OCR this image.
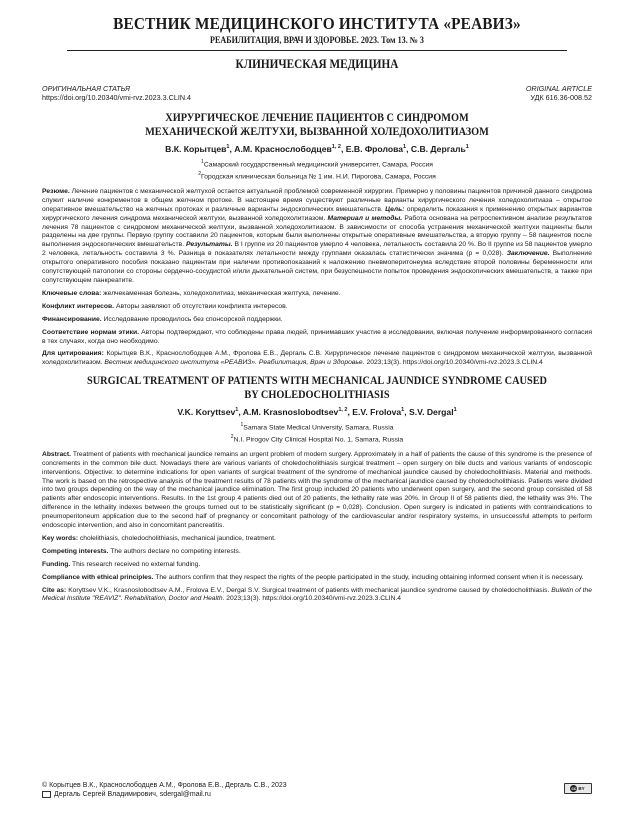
ВЕСТНИК МЕДИЦИНСКОГО ИНСТИТУТА «РЕАВИЗ»
РЕАБИЛИТАЦИЯ, ВРАЧ И ЗДОРОВЬЕ. 2023. Том 13. № 3
КЛИНИЧЕСКАЯ МЕДИЦИНА
ОРИГИНАЛЬНАЯ СТАТЬЯ
https://doi.org/10.20340/vmi-rvz.2023.3.CLIN.4
ORIGINAL ARTICLE
УДК 616.36-008.52
ХИРУРГИЧЕСКОЕ ЛЕЧЕНИЕ ПАЦИЕНТОВ С СИНДРОМОМ
МЕХАНИЧЕСКОЙ ЖЕЛТУХИ, ВЫЗВАННОЙ ХОЛЕДОХОЛИТИАЗОМ
В.К. Корытцев$^1$, А.М. Краснослободцев$^{1, 2}$, Е.В. Фролова$^1$, С.В. Дергаль$^1$
$^1$Самарский государственный медицинский университет, Самара, Россия
$^2$Городская клиническая больница № 1 им. Н.И. Пирогова, Самара, Россия
Резюме. Лечение пациентов с механической желтухой остается актуальной проблемой современной хирургии. Примерно у половины пациентов причиной данного синдрома служит наличие конкрементов в общем желчном протоке. В настоящее время существуют различные варианты хирургического лечения холедохолитиаза – открытое оперативное вмешательство на желчных протоках и различные варианты эндоскопических вмешательств. Цель: определить показания к применению открытых вариантов хирургического лечения синдрома механической желтухи, вызванной холедохолитиазом. Материал и методы. Работа основана на ретроспективном анализе результатов лечения 78 пациентов с синдромом механической желтухи, вызванной холедохолитиазом. В зависимости от способа устранения механической желтухи пациенты были разделены на две группы. Первую группу составили 20 пациентов, которым были выполнены открытые оперативные вмешательства, а вторую группу – 58 пациентов после выполнения эндоскопических вмешательств. Результаты. В I группе из 20 пациентов умерло 4 человека, летальность составила 20 %. Во II группе из 58 пациентов умерло 2 человека, летальность составила 3 %. Разница в показателях летальности между группами оказалась статистически значима (p = 0,028). Заключение. Выполнение открытого оперативного пособия показано пациентам при наличии противопоказаний к наложению пневмоперитонеума вследствие второй половины беременности или сопутствующей патологии со стороны сердечно-сосудистой и/или дыхательной систем, при безуспешности попыток проведения эндоскопических вмешательств, а также при сопутствующем панкреатите.
Ключевые слова: желчекаменная болезнь, холедохолитиаз, механическая желтуха, лечение.
Конфликт интересов. Авторы заявляют об отсутствии конфликта интересов.
Финансирование. Исследование проводилось без спонсорской поддержки.
Соответствие нормам этики. Авторы подтверждают, что соблюдены права людей, принимавших участие в исследовании, включая получение информированного согласия в тех случаях, когда оно необходимо.
Для цитирования: Корытцев В.К., Краснослободцев А.М., Фролова Е.В., Дергаль С.В. Хирургическое лечение пациентов с синдромом механической желтухи, вызванной холедохолитиазом. Вестник медицинского института «РЕАВИЗ». Реабилитация, Врач и Здоровье. 2023;13(3). https://doi.org/10.20340/vmi-rvz.2023.3.CLIN.4
SURGICAL TREATMENT OF PATIENTS WITH MECHANICAL JAUNDICE SYNDROME CAUSED
BY CHOLEDOCHOLITHIASIS
V.K. Koryttsev$^1$, A.M. Krasnoslobodtsev$^{1, 2}$, E.V. Frolova$^1$, S.V. Dergal$^1$
$^1$Samara State Medical University, Samara, Russia
$^2$N.I. Pirogov City Clinical Hospital No. 1, Samara, Russia
Abstract. Treatment of patients with mechanical jaundice remains an urgent problem of modern surgery. Approximately in a half of patients the cause of this syndrome is the presence of concrements in the common bile duct. Nowadays there are various variants of choledocholithiasis surgical treatment – open surgery on bile ducts and various variants of endoscopic interventions. Objective: to determine indications for open variants of surgical treatment of the syndrome of mechanical jaundice caused by choledocholithiasis. Material and methods. The work is based on the retrospective analysis of the treatment results of 78 patients with the syndrome of the mechanical jaundice caused by choledocholithiasis. Patients were divided into two groups depending on the way of the mechanical jaundice elimination. The first group included 20 patients who underwent open surgery, and the second group consisted of 58 patients after endoscopic interventions. Results. In the 1st group 4 patients died out of 20 patients, the lethality rate was 20%. In Group II of 58 patients died, the lethality was 3%. The difference in the lethality indexes between the groups turned out to be statistically significant (p = 0,028). Conclusion. Open surgery is indicated in patients with contraindications to pneumoperitoneum application due to the second half of pregnancy or concomitant pathology of the cardiovascular and/or respiratory systems, in unsuccessful attempts to perform endoscopic intervention, and also in concomitant pancreatitis.
Key words: cholelithiasis, choledocholithiasis, mechanical jaundice, treatment.
Competing interests. The authors declare no competing interests.
Funding. This research received no external funding.
Compliance with ethical principles. The authors confirm that they respect the rights of the people participated in the study, including obtaining informed consent when it is necessary.
Cite as: Koryttsev V.K., Krasnoslobodtsev A.M., Frolova E.V., Dergal S.V. Surgical treatment of patients with mechanical jaundice syndrome caused by choledocholithiasis. Bulletin of the Medical Institute "REAVIZ". Rehabilitation, Doctor and Health. 2023;13(3). https://doi.org/10.20340/vmi-rvz.2023.3.CLIN.4
© Корытцев В.К., Краснослободцев А.М., Фролова Е.В., Дергаль С.В., 2023
Дергаль Сергей Владимирович, sdergal@mail.ru
cc BY
